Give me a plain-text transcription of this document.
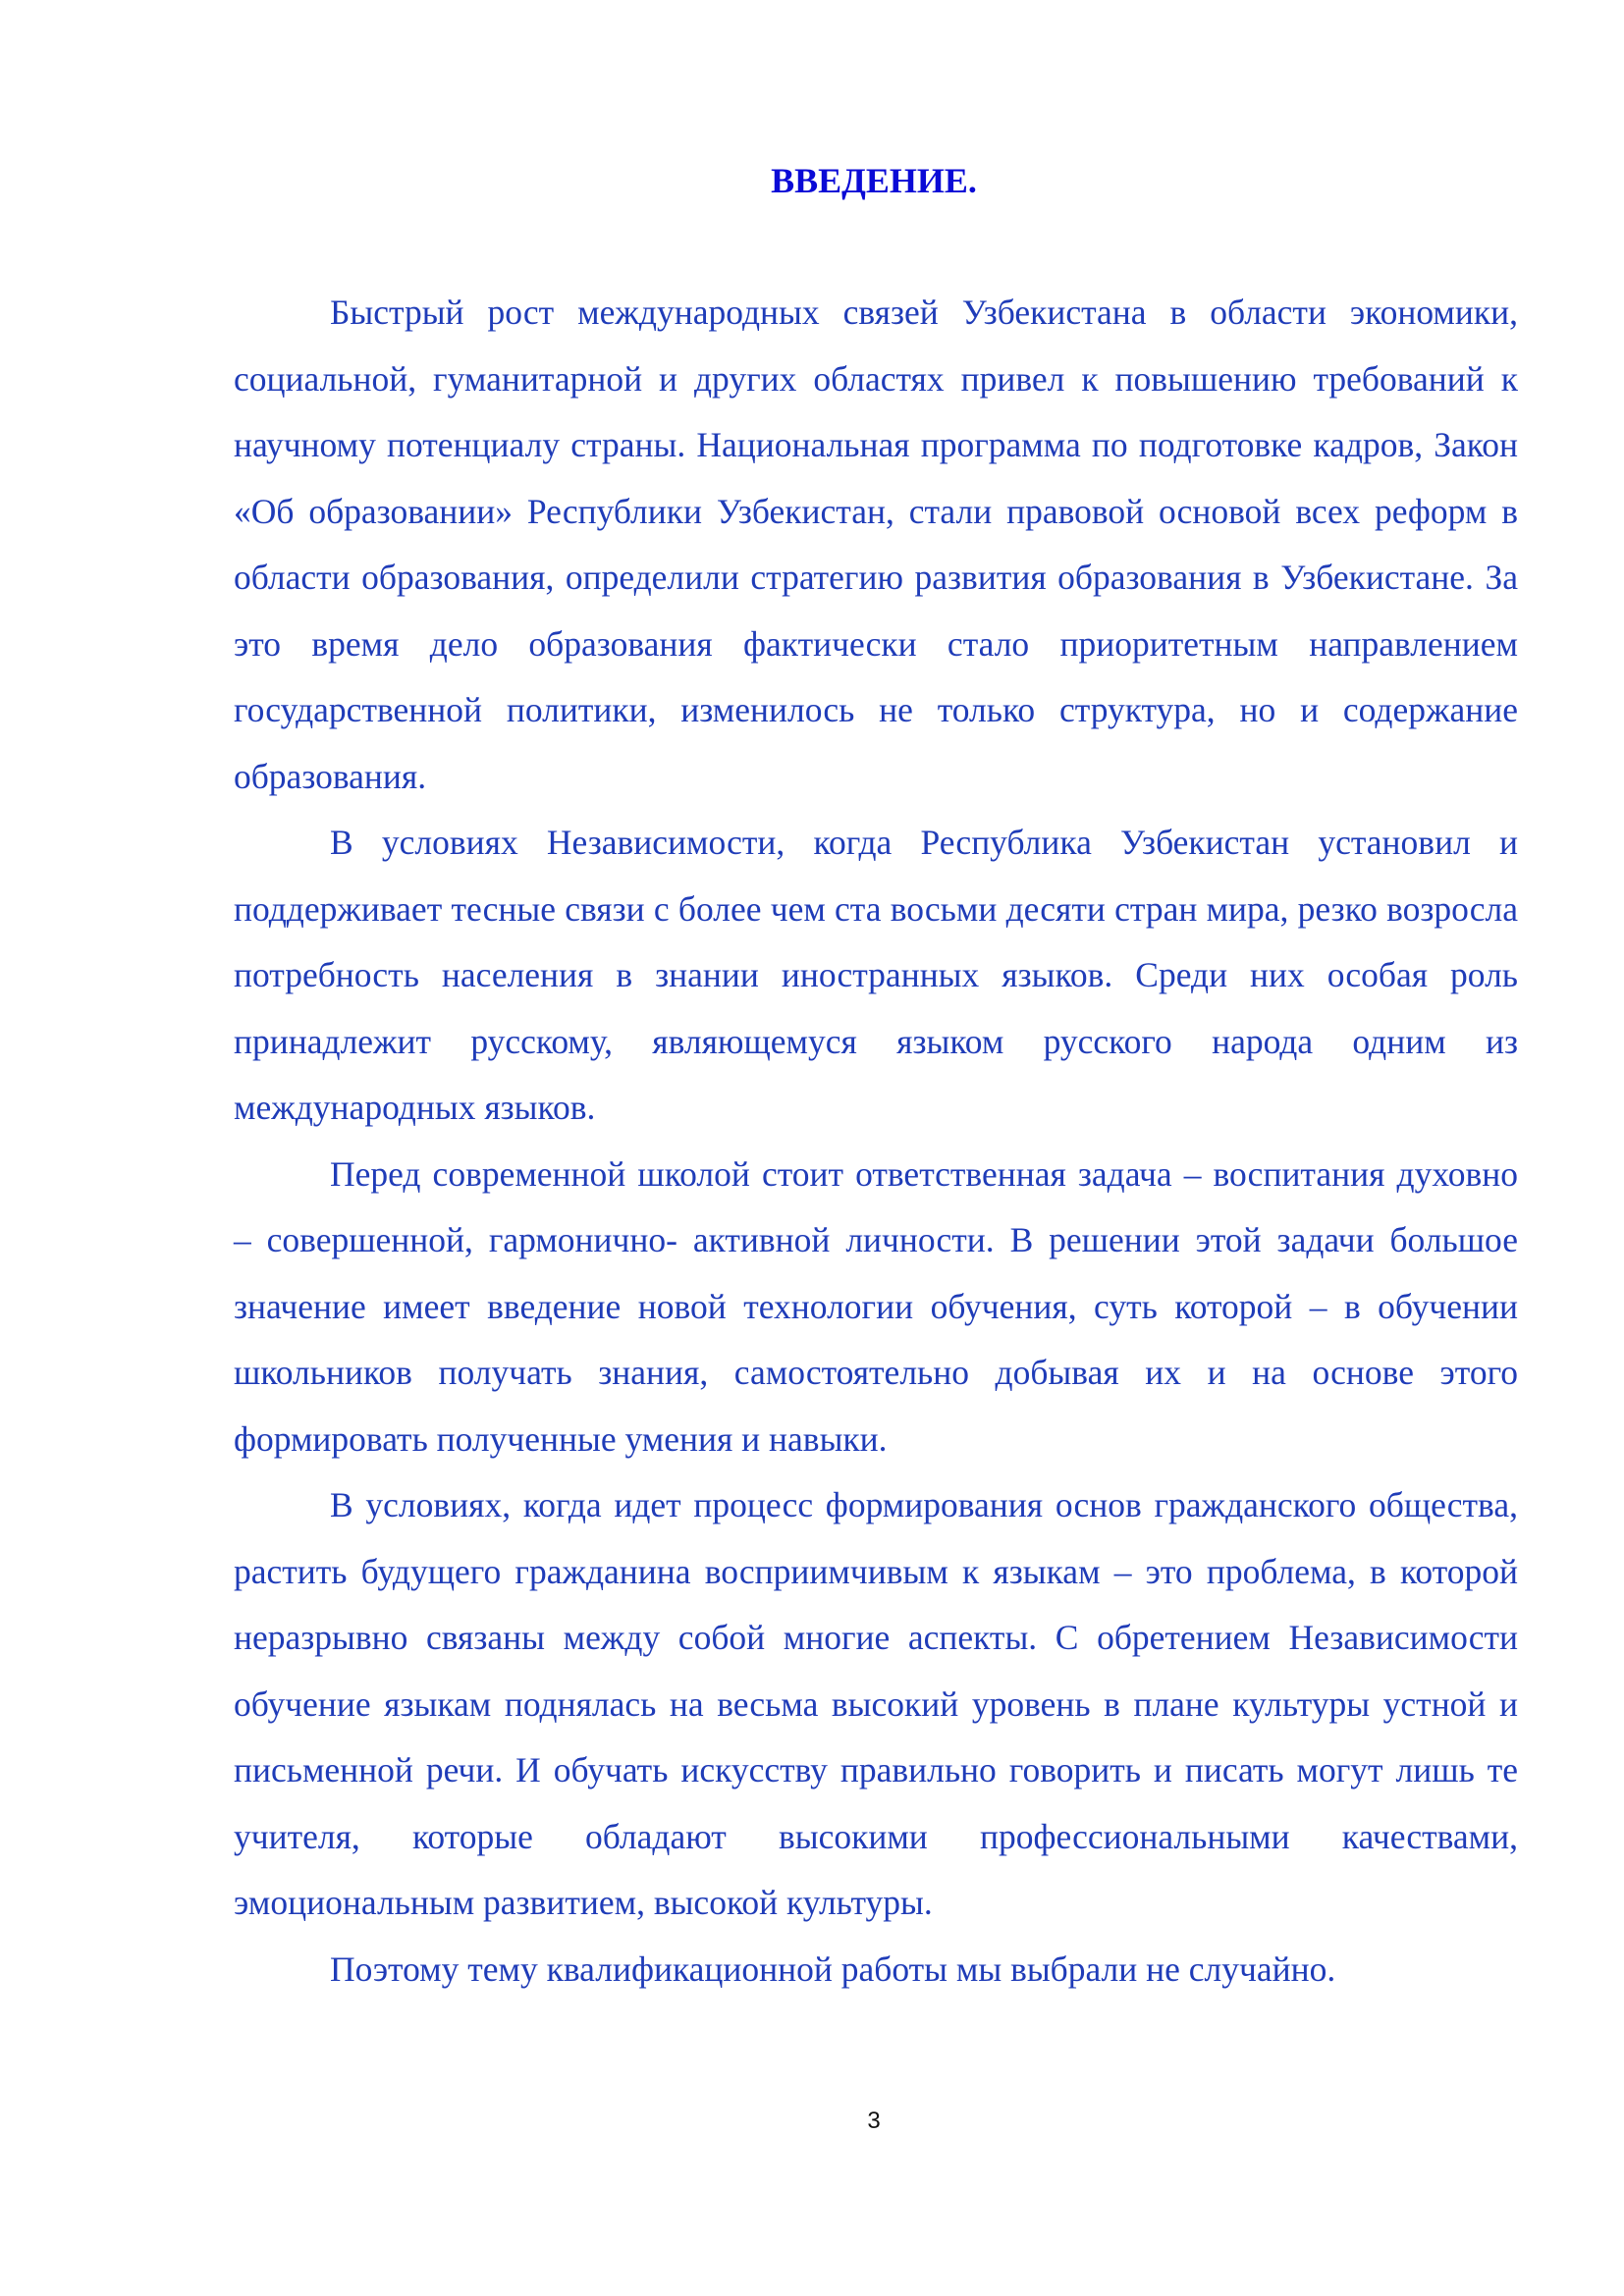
ВВЕДЕНИЕ.

Быстрый рост международных связей Узбекистана в области экономики, социальной, гуманитарной и других областях привел к повышению требований к научному потенциалу страны. Национальная программа по подготовке кадров, Закон «Об образовании» Республики Узбекистан, стали правовой основой всех реформ в области образования, определили стратегию развития образования в Узбекистане. За это время дело образования фактически стало приоритетным направлением государственной политики, изменилось не только структура, но и содержание образования.

В условиях Независимости, когда Республика Узбекистан установил и поддерживает тесные связи с более чем ста восьми десяти стран мира, резко возросла потребность населения в знании иностранных языков. Среди них особая роль принадлежит русскому, являющемуся языком русского народа одним из международных языков.

Перед современной школой стоит ответственная задача – воспитания духовно – совершенной, гармонично- активной личности. В решении этой задачи большое значение имеет введение новой технологии обучения, суть которой – в обучении школьников получать знания, самостоятельно добывая их и на основе этого формировать полученные умения и навыки.

В условиях, когда идет процесс формирования основ гражданского общества, растить будущего гражданина восприимчивым к языкам – это проблема, в которой неразрывно связаны между собой многие аспекты. С обретением Независимости обучение языкам поднялась на весьма высокий уровень в плане культуры устной и письменной речи. И обучать искусству правильно говорить и писать могут лишь те учителя, которые обладают высокими профессиональными качествами, эмоциональным развитием, высокой культуры.

Поэтому тему квалификационной работы мы выбрали не случайно.

3
